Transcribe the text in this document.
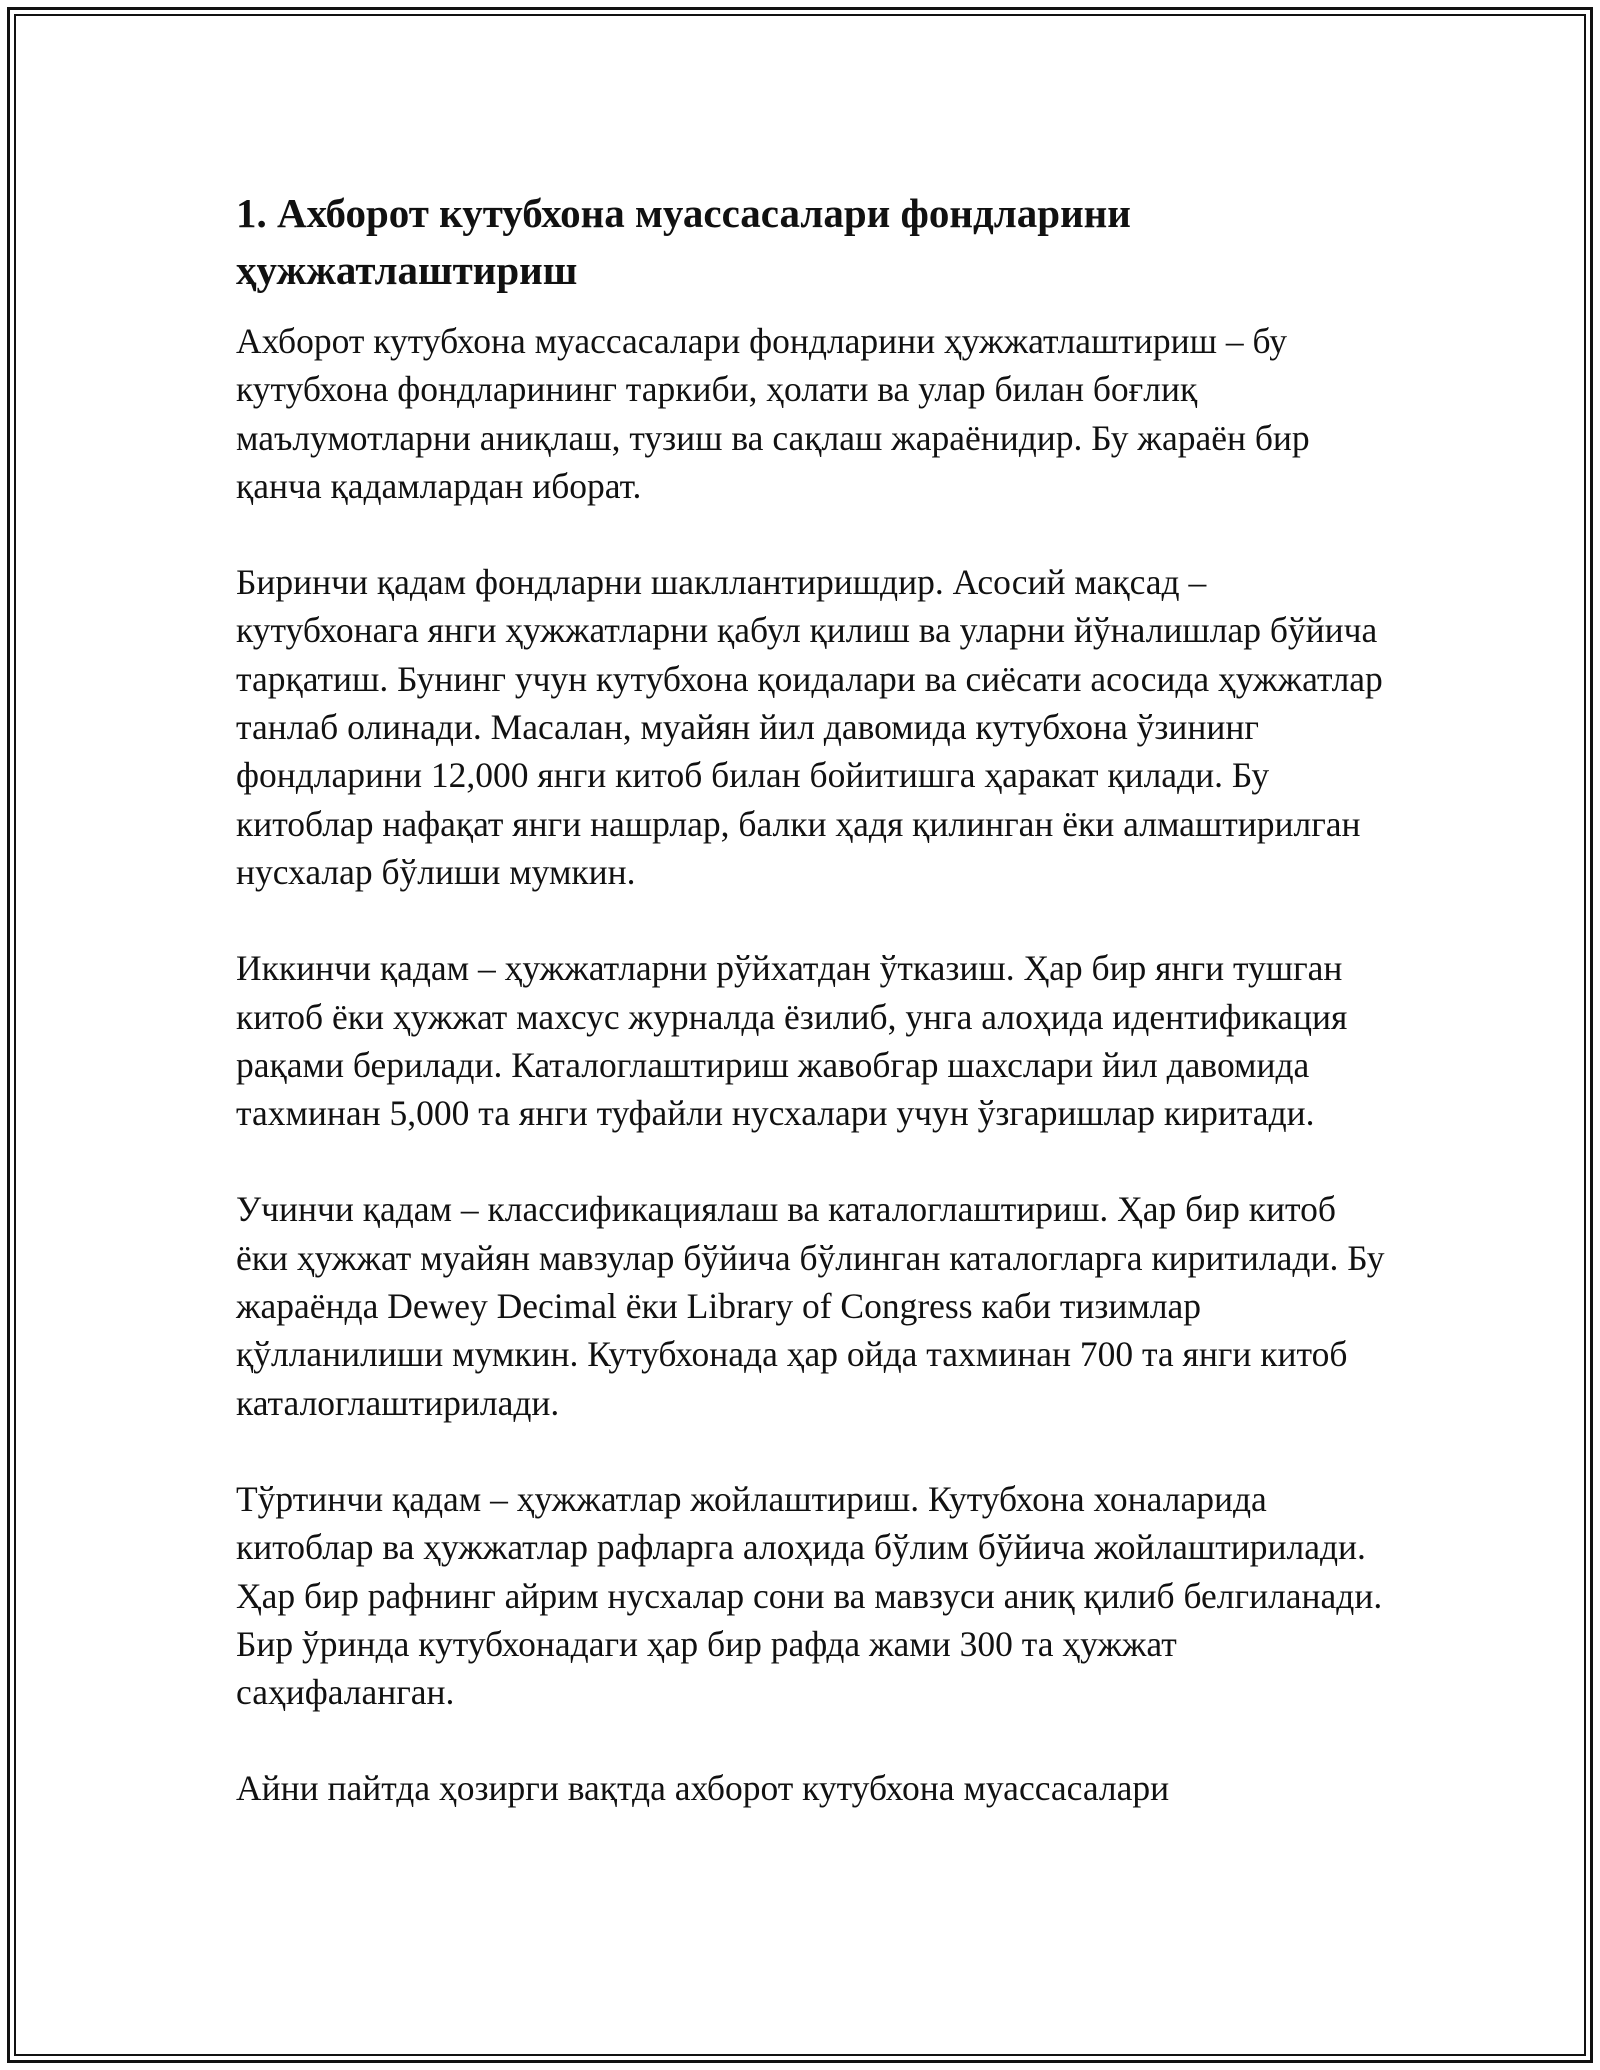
1. Ахборот кутубхона муассасалари фондларини ҳужжатлаштириш

Ахборот кутубхона муассасалари фондларини ҳужжатлаштириш – бу кутубхона фондларининг таркиби, ҳолати ва улар билан боғлиқ маълумотларни аниқлаш, тузиш ва сақлаш жараёнидир. Бу жараён бир қанча қадамлардан иборат.

Биринчи қадам фондларни шакллантиришдир. Асосий мақсад – кутубхонага янги ҳужжатларни қабул қилиш ва уларни йўналишлар бўйича тарқатиш. Бунинг учун кутубхона қоидалари ва сиёсати асосида ҳужжатлар танлаб олинади. Масалан, муайян йил давомида кутубхона ўзининг фондларини 12,000 янги китоб билан бойитишга ҳаракат қилади. Бу китоблар нафақат янги нашрлар, балки ҳадя қилинган ёки алмаштирилган нусхалар бўлиши мумкин.

Иккинчи қадам – ҳужжатларни рўйхатдан ўтказиш. Ҳар бир янги тушган китоб ёки ҳужжат махсус журналда ёзилиб, унга алоҳида идентификация рақами берилади. Каталоглаштириш жавобгар шахслари йил давомида тахминан 5,000 та янги туфайли нусхалари учун ўзгаришлар киритади.

Учинчи қадам – классификациялаш ва каталоглаштириш. Ҳар бир китоб ёки ҳужжат муайян мавзулар бўйича бўлинган каталогларга киритилади. Бу жараёнда Dewey Decimal ёки Library of Congress каби тизимлар қўлланилиши мумкин. Кутубхонада ҳар ойда тахминан 700 та янги китоб каталоглаштирилади.

Тўртинчи қадам – ҳужжатлар жойлаштириш. Кутубхона хоналарида китоблар ва ҳужжатлар рафларга алоҳида бўлим бўйича жойлаштирилади. Ҳар бир рафнинг айрим нусхалар сони ва мавзуси аниқ қилиб белгиланади. Бир ўринда кутубхонадаги ҳар бир рафда жами 300 та ҳужжат саҳифаланган.

Айни пайтда ҳозирги вақтда ахборот кутубхона муассасалари
